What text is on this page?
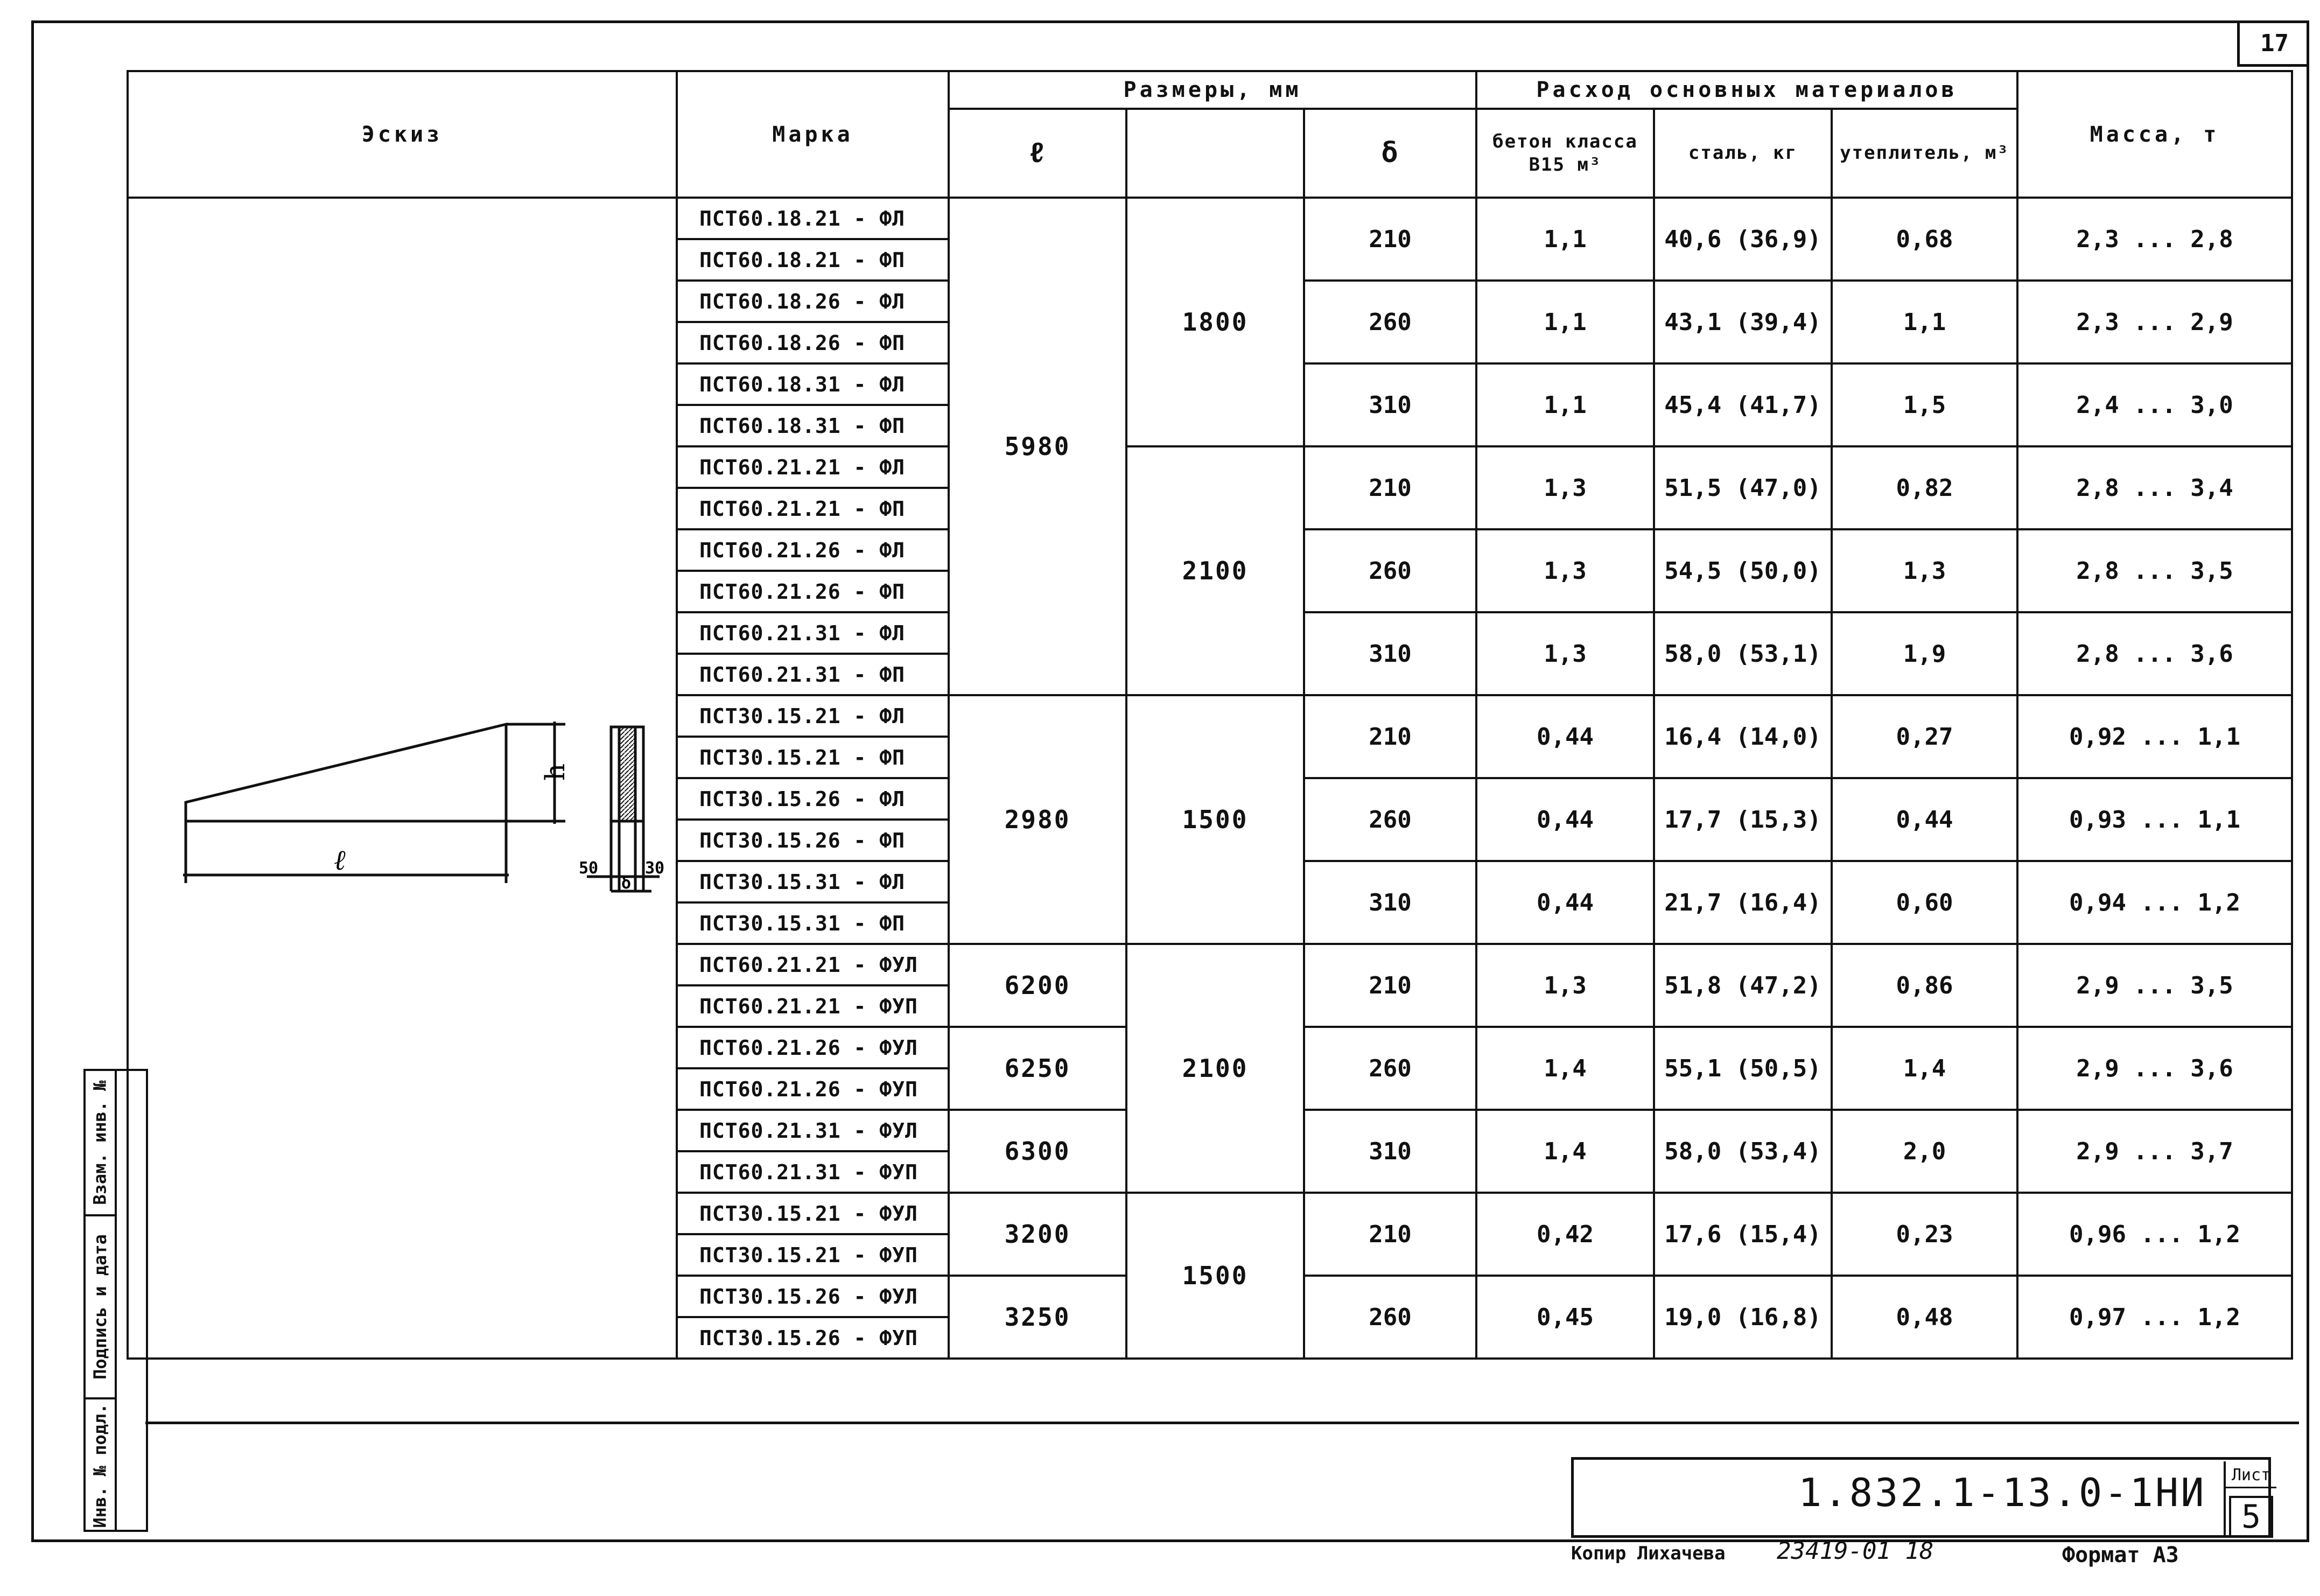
17
Эскиз	Марка	Размеры, мм			Расход основных материалов			Масса, т
		ℓ		ẟ	бетон класса В15 м³	сталь, кг	утеплитель, м³	
	ПСТ60.18.21 - ФЛ	5980	1800	210	1,1	40,6 (36,9)	0,68	2,3 ... 2,8
	ПСТ60.18.21 - ФП							
	ПСТ60.18.26 - ФЛ			260	1,1	43,1 (39,4)	1,1	2,3 ... 2,9
	ПСТ60.18.26 - ФП							
	ПСТ60.18.31 - ФЛ			310	1,1	45,4 (41,7)	1,5	2,4 ... 3,0
	ПСТ60.18.31 - ФП							
	ПСТ60.21.21 - ФЛ		2100	210	1,3	51,5 (47,0)	0,82	2,8 ... 3,4
	ПСТ60.21.21 - ФП							
	ПСТ60.21.26 - ФЛ			260	1,3	54,5 (50,0)	1,3	2,8 ... 3,5
	ПСТ60.21.26 - ФП							
	ПСТ60.21.31 - ФЛ			310	1,3	58,0 (53,1)	1,9	2,8 ... 3,6
	ПСТ60.21.31 - ФП							
	ПСТ30.15.21 - ФЛ	2980	1500	210	0,44	16,4 (14,0)	0,27	0,92 ... 1,1
	ПСТ30.15.21 - ФП							
	ПСТ30.15.26 - ФЛ			260	0,44	17,7 (15,3)	0,44	0,93 ... 1,1
	ПСТ30.15.26 - ФП							
	ПСТ30.15.31 - ФЛ			310	0,44	21,7 (16,4)	0,60	0,94 ... 1,2
	ПСТ30.15.31 - ФП							
	ПСТ60.21.21 - ФУЛ	6200	2100	210	1,3	51,8 (47,2)	0,86	2,9 ... 3,5
	ПСТ60.21.21 - ФУП							
	ПСТ60.21.26 - ФУЛ	6250		260	1,4	55,1 (50,5)	1,4	2,9 ... 3,6
	ПСТ60.21.26 - ФУП							
	ПСТ60.21.31 - ФУЛ	6300		310	1,4	58,0 (53,4)	2,0	2,9 ... 3,7
	ПСТ60.21.31 - ФУП							
	ПСТ30.15.21 - ФУЛ	3200	1500	210	0,42	17,6 (15,4)	0,23	0,96 ... 1,2
	ПСТ30.15.21 - ФУП							
	ПСТ30.15.26 - ФУЛ	3250		260	0,45	19,0 (16,8)	0,48	0,97 ... 1,2
	ПСТ30.15.26 - ФУП							
ℓ
h
50	30
δ
Взам. инв. №
Подпись и дата
Инв. № подл.	1.832.1-13.0-1НИ	Лист
5
Копир Лихачева 23419-01 18	Формат А3
